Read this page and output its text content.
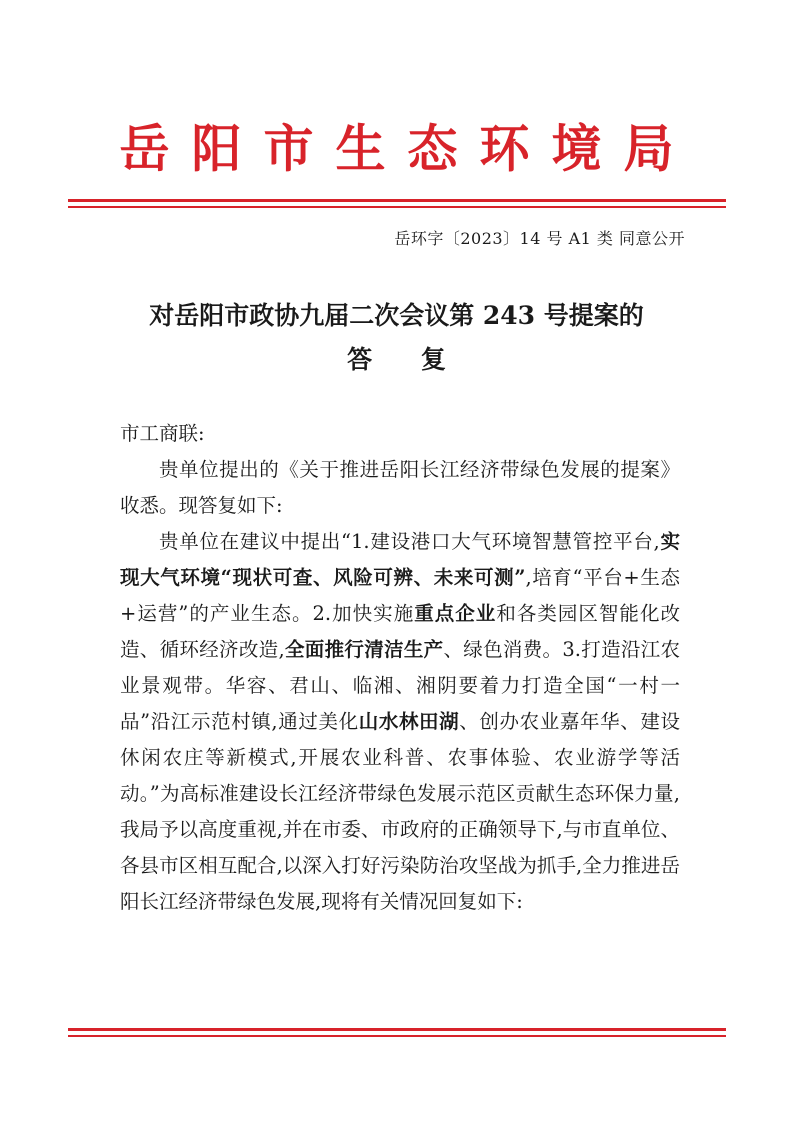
岳阳市生态环境局
岳环字〔2023〕14 号 A1 类 同意公开
对岳阳市政协九届二次会议第 243 号提案的
答 复

市工商联:

贵单位提出的《关于推进岳阳长江经济带绿色发展的提案》收悉。现答复如下:

贵单位在建议中提出“1.建设港口大气环境智慧管控平台,实现大气环境“现状可查、风险可辨、未来可测”,培育“平台+生态+运营”的产业生态。2.加快实施重点企业和各类园区智能化改造、循环经济改造,全面推行清洁生产、绿色消费。3.打造沿江农业景观带。华容、君山、临湘、湘阴要着力打造全国“一村一品”沿江示范村镇,通过美化山水林田湖、创办农业嘉年华、建设休闲农庄等新模式,开展农业科普、农事体验、农业游学等活动。”为高标准建设长江经济带绿色发展示范区贡献生态环保力量,我局予以高度重视,并在市委、市政府的正确领导下,与市直单位、各县市区相互配合,以深入打好污染防治攻坚战为抓手,全力推进岳阳长江经济带绿色发展,现将有关情况回复如下:
